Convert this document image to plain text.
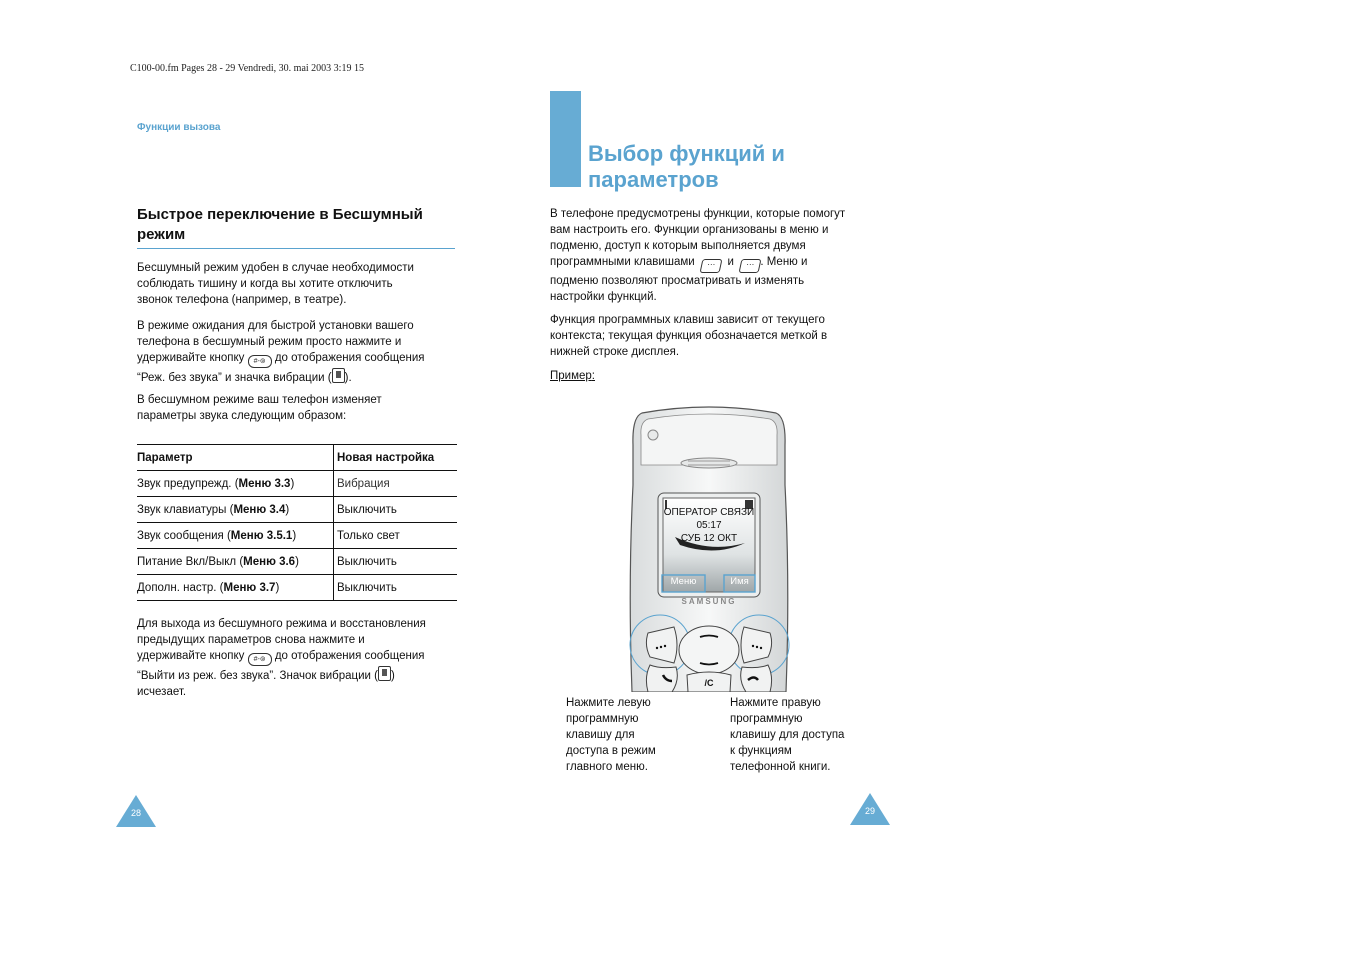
C100-00.fm Pages 28 - 29 Vendredi, 30. mai 2003 3:19 15
Функции вызова
Быстрое переключение в Бесшумный
режим
Бесшумный режим удобен в случае необходимости
соблюдать тишину и когда вы хотите отключить
звонок телефона (например, в театре).
В режиме ожидания для быстрой установки вашего
телефона в бесшумный режим просто нажмите и
удерживайте кнопку #-⊚ до отображения сообщения
“Реж. без звука” и значка вибрации ( ).
В бесшумном режиме ваш телефон изменяет
параметры звука следующим образом:
Параметр	Новая настройка
Звук предупрежд. (Меню 3.3)	Вибрация
Звук клавиатуры (Меню 3.4)	Выключить
Звук сообщения (Меню 3.5.1)	Только свет
Питание Вкл/Выкл (Меню 3.6)	Выключить
Дополн. настр. (Меню 3.7)	Выключить
Для выхода из бесшумного режима и восстановления
предыдущих параметров снова нажмите и
удерживайте кнопку #-⊚ до отображения сообщения
“Выйти из реж. без звука”. Значок вибрации ( )
исчезает.
28
Выбор функций и
параметров
В телефоне предусмотрены функции, которые помогут
вам настроить его. Функции организованы в меню и
подменю, доступ к которым выполняется двумя
программными клавишами ⋯ и ⋯ . Меню и
подменю позволяют просматривать и изменять
настройки функций.
Функция программных клавиш зависит от текущего
контекста; текущая функция обозначается меткой в
нижней строке дисплея.
Пример:
ОПЕРАТОР СВЯЗИ
05:17
СУБ 12 ОКТ
Меню	Имя
SAMSUNG
/C
Нажмите левую
программную
клавишу для
доступа в режим
главного меню.
Нажмите правую
программную
клавишу для доступа
к функциям
телефонной книги.
29
